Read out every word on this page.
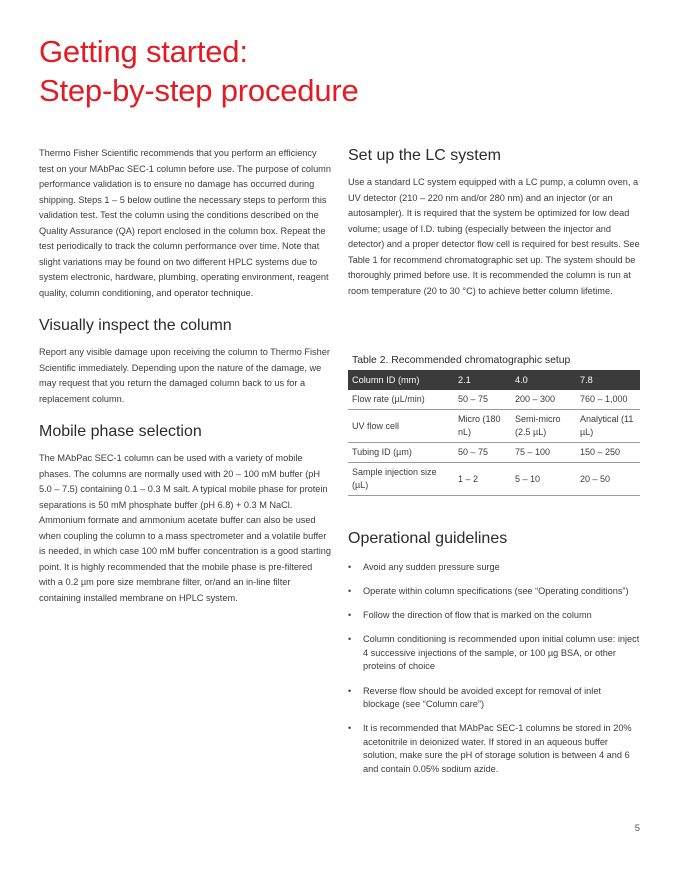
Getting started:
Step-by-step procedure

Thermo Fisher Scientific recommends that you perform an efficiency test on your MAbPac SEC-1 column before use. The purpose of column performance validation is to ensure no damage has occurred during shipping. Steps 1 – 5 below outline the necessary steps to perform this validation test. Test the column using the conditions described on the Quality Assurance (QA) report enclosed in the column box. Repeat the test periodically to track the column performance over time. Note that slight variations may be found on two different HPLC systems due to system electronic, hardware, plumbing, operating environment, reagent quality, column conditioning, and operator technique.

Visually inspect the column

Report any visible damage upon receiving the column to Thermo Fisher Scientific immediately. Depending upon the nature of the damage, we may request that you return the damaged column back to us for a replacement column.

Mobile phase selection

The MAbPac SEC-1 column can be used with a variety of mobile phases. The columns are normally used with 20 – 100 mM buffer (pH 5.0 – 7.5) containing 0.1 – 0.3 M salt. A typical mobile phase for protein separations is 50 mM phosphate buffer (pH 6.8) + 0.3 M NaCl. Ammonium formate and ammonium acetate buffer can also be used when coupling the column to a mass spectrometer and a volatile buffer is needed, in which case 100 mM buffer concentration is a good starting point. It is highly recommended that the mobile phase is pre-filtered with a 0.2 µm pore size membrane filter, or/and an in-line filter containing installed membrane on HPLC system.

Set up the LC system

Use a standard LC system equipped with a LC pump, a column oven, a UV detector (210 – 220 nm and/or 280 nm) and an injector (or an autosampler). It is required that the system be optimized for low dead volume; usage of I.D. tubing (especially between the injector and detector) and a proper detector flow cell is required for best results. See Table 1 for recommend chromatographic set up. The system should be thoroughly primed before use. It is recommended the column is run at room temperature (20 to 30 °C) to achieve better column lifetime.

Table 2. Recommended chromatographic setup
Column ID (mm)	2.1	4.0	7.8
Flow rate (µL/min)	50 – 75	200 – 300	760 – 1,000
UV flow cell	Micro (180 nL)	Semi-micro (2.5 µL)	Analytical (11 µL)
Tubing ID (µm)	50 – 75	75 – 100	150 – 250
Sample injection size (µL)	1 – 2	5 – 10	20 – 50
Operational guidelines
• Avoid any sudden pressure surge
• Operate within column specifications (see “Operating conditions”)
• Follow the direction of flow that is marked on the column
• Column conditioning is recommended upon initial column use: inject 4 successive injections of the sample, or 100 µg BSA, or other proteins of choice
• Reverse flow should be avoided except for removal of inlet blockage (see “Column care”)
• It is recommended that MAbPac SEC-1 columns be stored in 20% acetonitrile in deionized water. If stored in an aqueous buffer solution, make sure the pH of storage solution is between 4 and 6 and contain 0.05% sodium azide.
5
